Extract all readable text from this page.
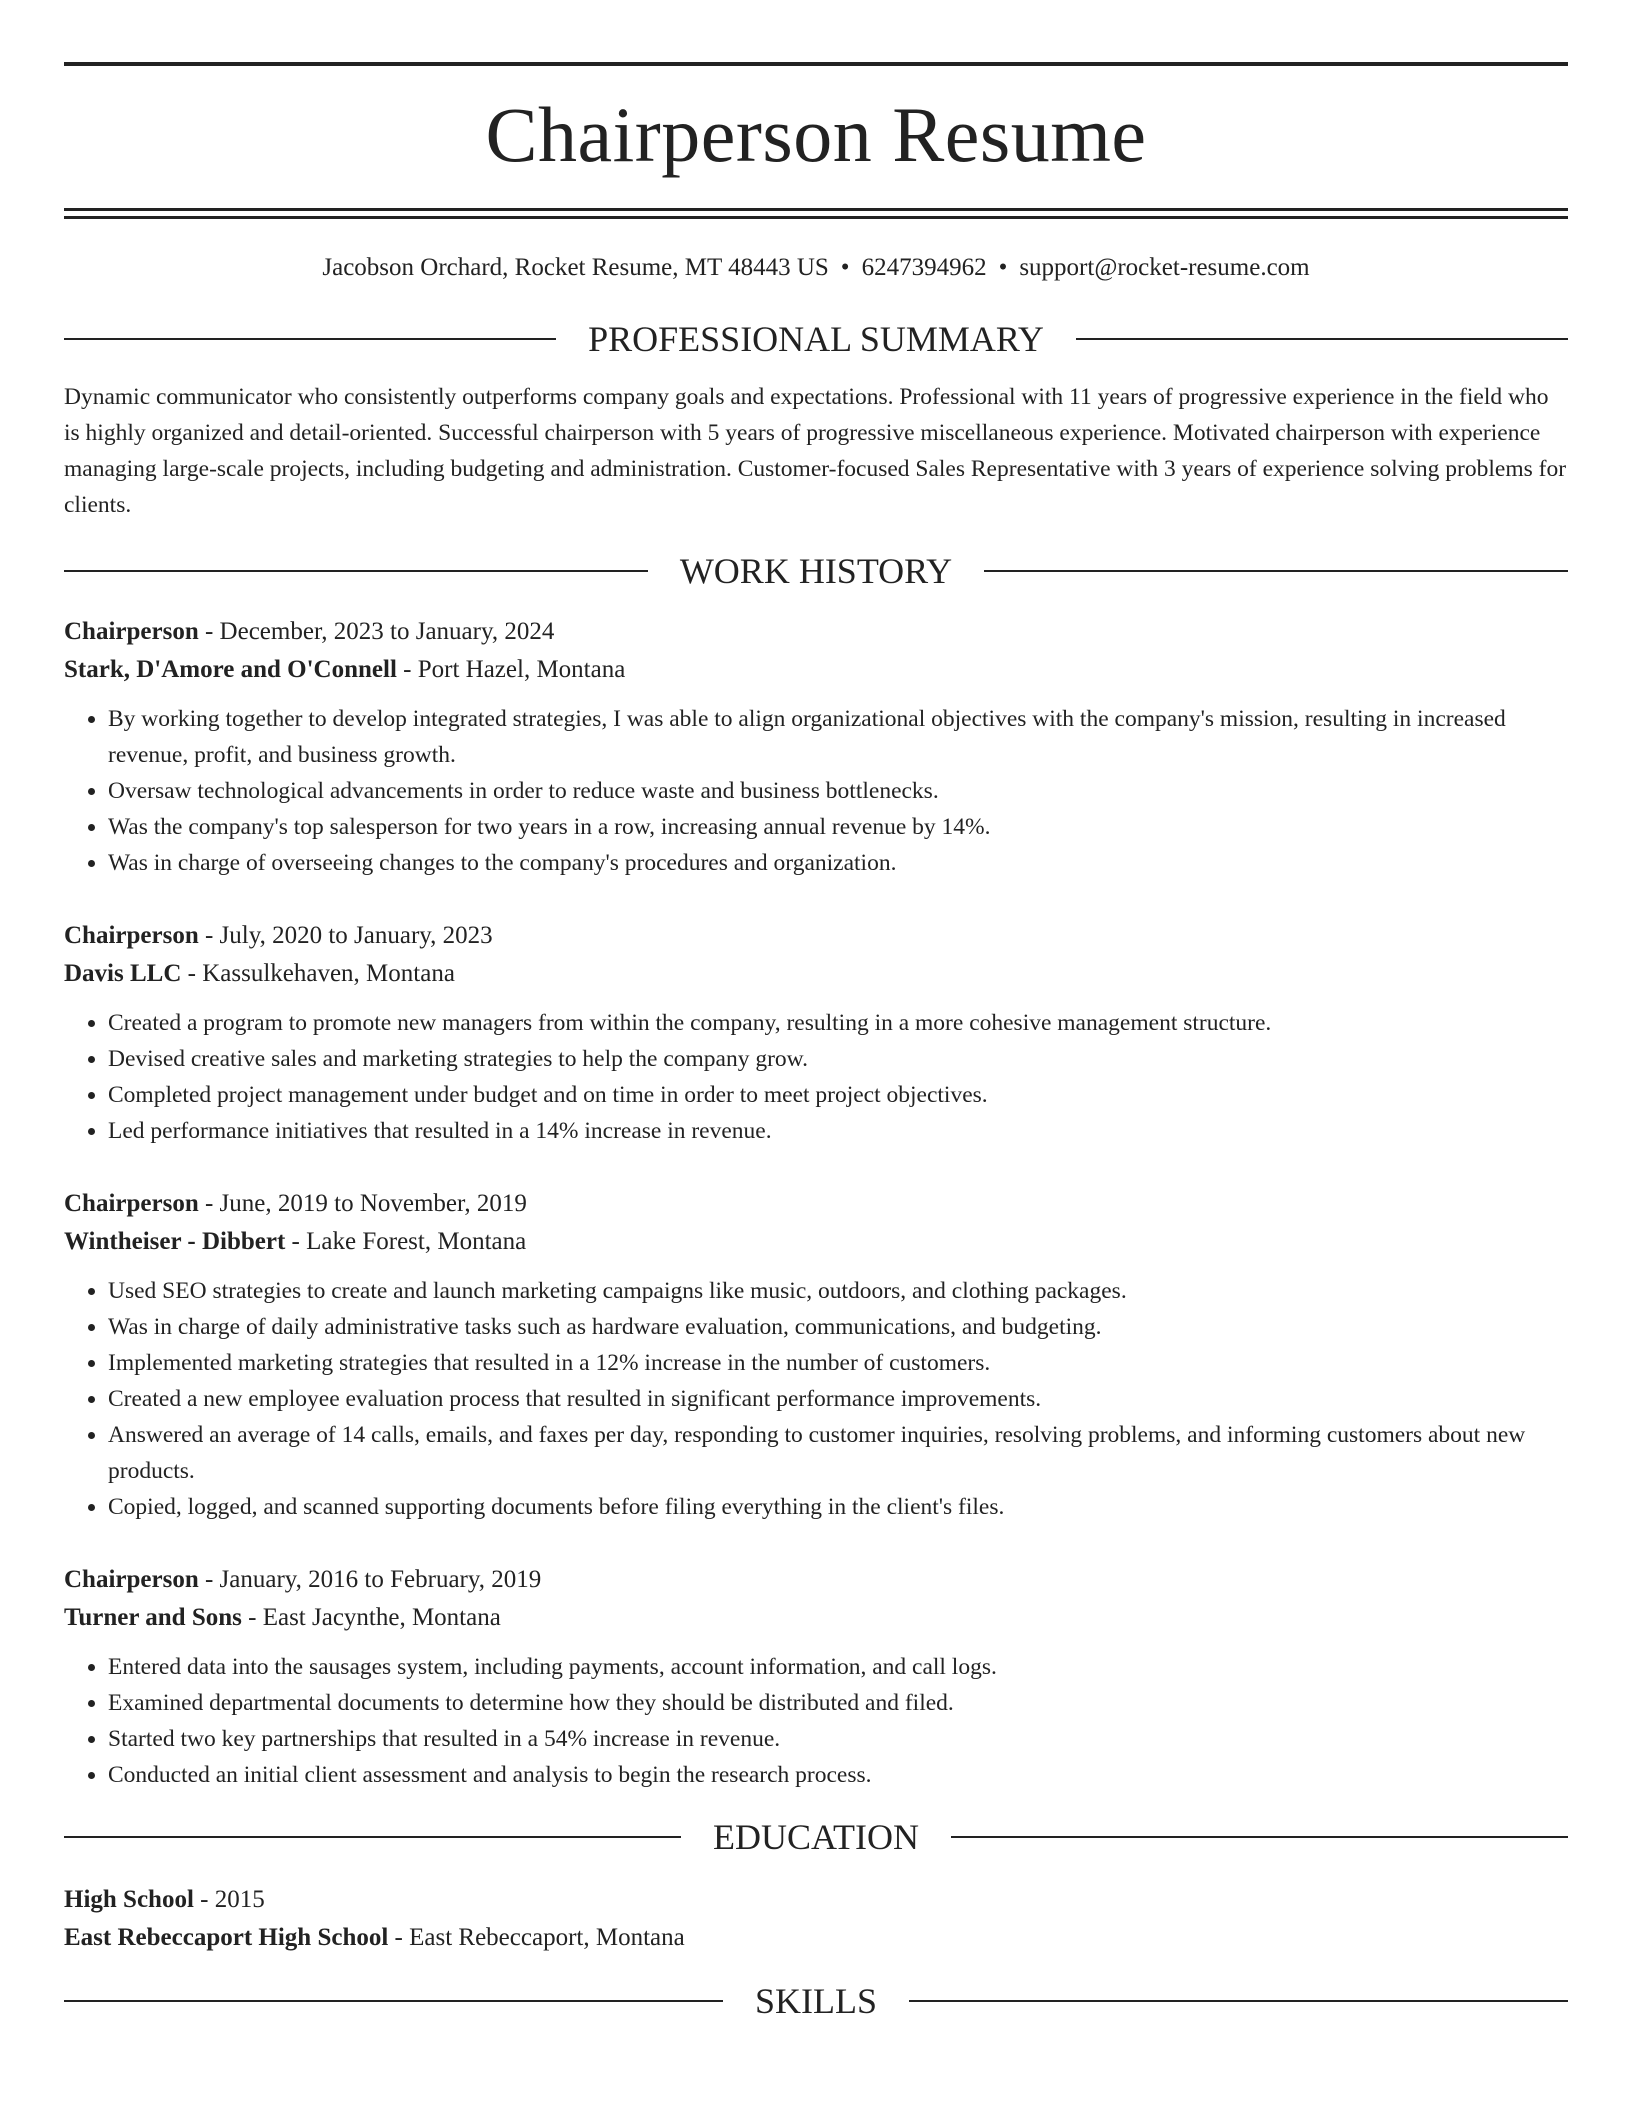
Chairperson Resume
Jacobson Orchard, Rocket Resume, MT 48443 US • 6247394962 • support@rocket-resume.com
PROFESSIONAL SUMMARY

Dynamic communicator who consistently outperforms company goals and expectations. Professional with 11 years of progressive experience in the field who is highly organized and detail-oriented. Successful chairperson with 5 years of progressive miscellaneous experience. Motivated chairperson with experience managing large-scale projects, including budgeting and administration. Customer-focused Sales Representative with 3 years of experience solving problems for clients.

WORK HISTORY
Chairperson - December, 2023 to January, 2024
Stark, D'Amore and O'Connell - Port Hazel, Montana
• By working together to develop integrated strategies, I was able to align organizational objectives with the company's mission, resulting in increased revenue, profit, and business growth.
• Oversaw technological advancements in order to reduce waste and business bottlenecks.
• Was the company's top salesperson for two years in a row, increasing annual revenue by 14%.
• Was in charge of overseeing changes to the company's procedures and organization.
Chairperson - July, 2020 to January, 2023
Davis LLC - Kassulkehaven, Montana
• Created a program to promote new managers from within the company, resulting in a more cohesive management structure.
• Devised creative sales and marketing strategies to help the company grow.
• Completed project management under budget and on time in order to meet project objectives.
• Led performance initiatives that resulted in a 14% increase in revenue.
Chairperson - June, 2019 to November, 2019
Wintheiser - Dibbert - Lake Forest, Montana
• Used SEO strategies to create and launch marketing campaigns like music, outdoors, and clothing packages.
• Was in charge of daily administrative tasks such as hardware evaluation, communications, and budgeting.
• Implemented marketing strategies that resulted in a 12% increase in the number of customers.
• Created a new employee evaluation process that resulted in significant performance improvements.
• Answered an average of 14 calls, emails, and faxes per day, responding to customer inquiries, resolving problems, and informing customers about new products.
• Copied, logged, and scanned supporting documents before filing everything in the client's files.
Chairperson - January, 2016 to February, 2019
Turner and Sons - East Jacynthe, Montana
• Entered data into the sausages system, including payments, account information, and call logs.
• Examined departmental documents to determine how they should be distributed and filed.
• Started two key partnerships that resulted in a 54% increase in revenue.
• Conducted an initial client assessment and analysis to begin the research process.
EDUCATION
High School - 2015
East Rebeccaport High School - East Rebeccaport, Montana
SKILLS
